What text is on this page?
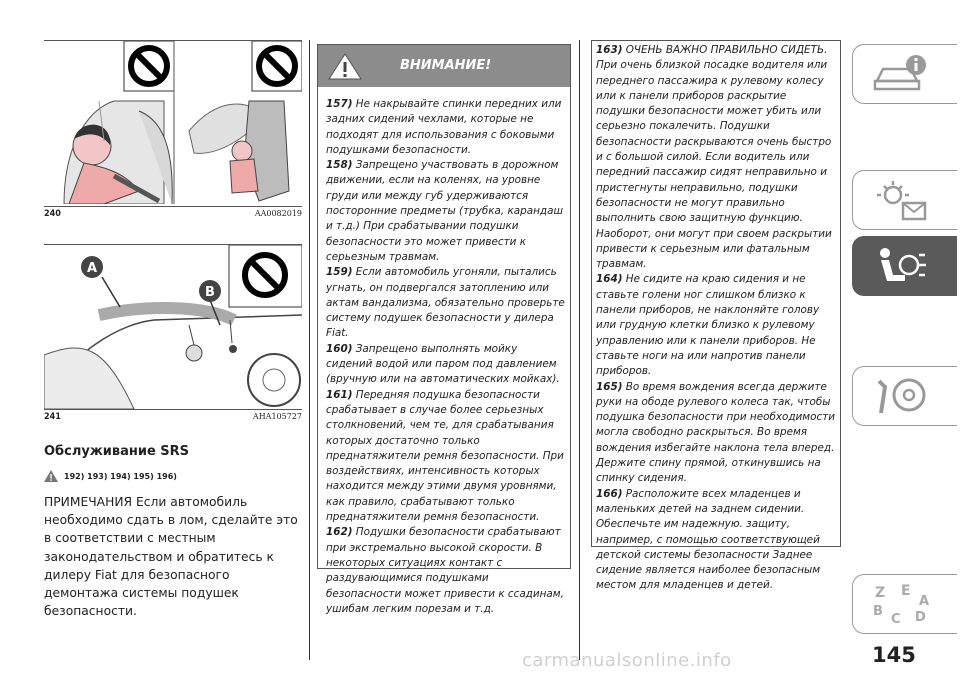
240	AA0082019
A
B
241	AHA105727
Обслуживание SRS
192) 193) 194) 195) 196)
ПРИМЕЧАНИЯ Если автомобиль необходимо сдать в лом, сделайте это в соответствии с местным законодательством и обратитесь к дилеру Fiat для безопасного демонтажа системы подушек безопасности.
ВНИМАНИЕ!

157) Не накрывайте спинки передних или задних сидений чехлами, которые не подходят для использования с боковыми подушками безопасности.

158) Запрещено участвовать в дорожном движении, если на коленях, на уровне груди или между губ удерживаются посторонние предметы (трубка, карандаш и т.д.) При срабатывании подушки безопасности это может привести к серьезным травмам.

159) Если автомобиль угоняли, пытались угнать, он подвергался затоплению или актам вандализма, обязательно проверьте систему подушек безопасности у дилера Fiat.

160) Запрещено выполнять мойку сидений водой или паром под давлением (вручную или на автоматических мойках).

161) Передняя подушка безопасности срабатывает в случае более серьезных столкновений, чем те, для срабатывания которых достаточно только преднатяжители ремня безопасности. При воздействиях, интенсивность которых находится между этими двумя уровнями, как правило, срабатывают только преднатяжители ремня безопасности.

162) Подушки безопасности срабатывают при экстремально высокой скорости. В некоторых ситуациях контакт с раздувающимися подушками безопасности может привести к ссадинам, ушибам легким порезам и т.д.

163) ОЧЕНЬ ВАЖНО ПРАВИЛЬНО СИДЕТЬ. При очень близкой посадке водителя или переднего пассажира к рулевому колесу или к панели приборов раскрытие подушки безопасности может убить или серьезно покалечить. Подушки безопасности раскрываются очень быстро и с большой силой. Если водитель или передний пассажир сидят неправильно и пристегнуты неправильно, подушки безопасности не могут правильно выполнить свою защитную функцию. Наоборот, они могут при своем раскрытии привести к серьезным или фатальным травмам.

164) Не сидите на краю сидения и не ставьте голени ног слишком близко к панели приборов, не наклоняйте голову или грудную клетки близко к рулевому управлению или к панели приборов. Не ставьте ноги на или напротив панели приборов.

165) Во время вождения всегда держите руки на ободе рулевого колеса так, чтобы подушка безопасности при необходимости могла свободно раскрыться. Во время вождения избегайте наклона тела вперед. Держите спину прямой, откинувшись на спинку сидения.

166) Расположите всех младенцев и маленьких детей на заднем сидении. Обеспечьте им надежную. защиту, например, с помощью соответствующей детской системы безопасности Заднее сидение является наиболее безопасным местом для младенцев и детей.	Z E
B
C D
A
145
carmanualsonline.info
